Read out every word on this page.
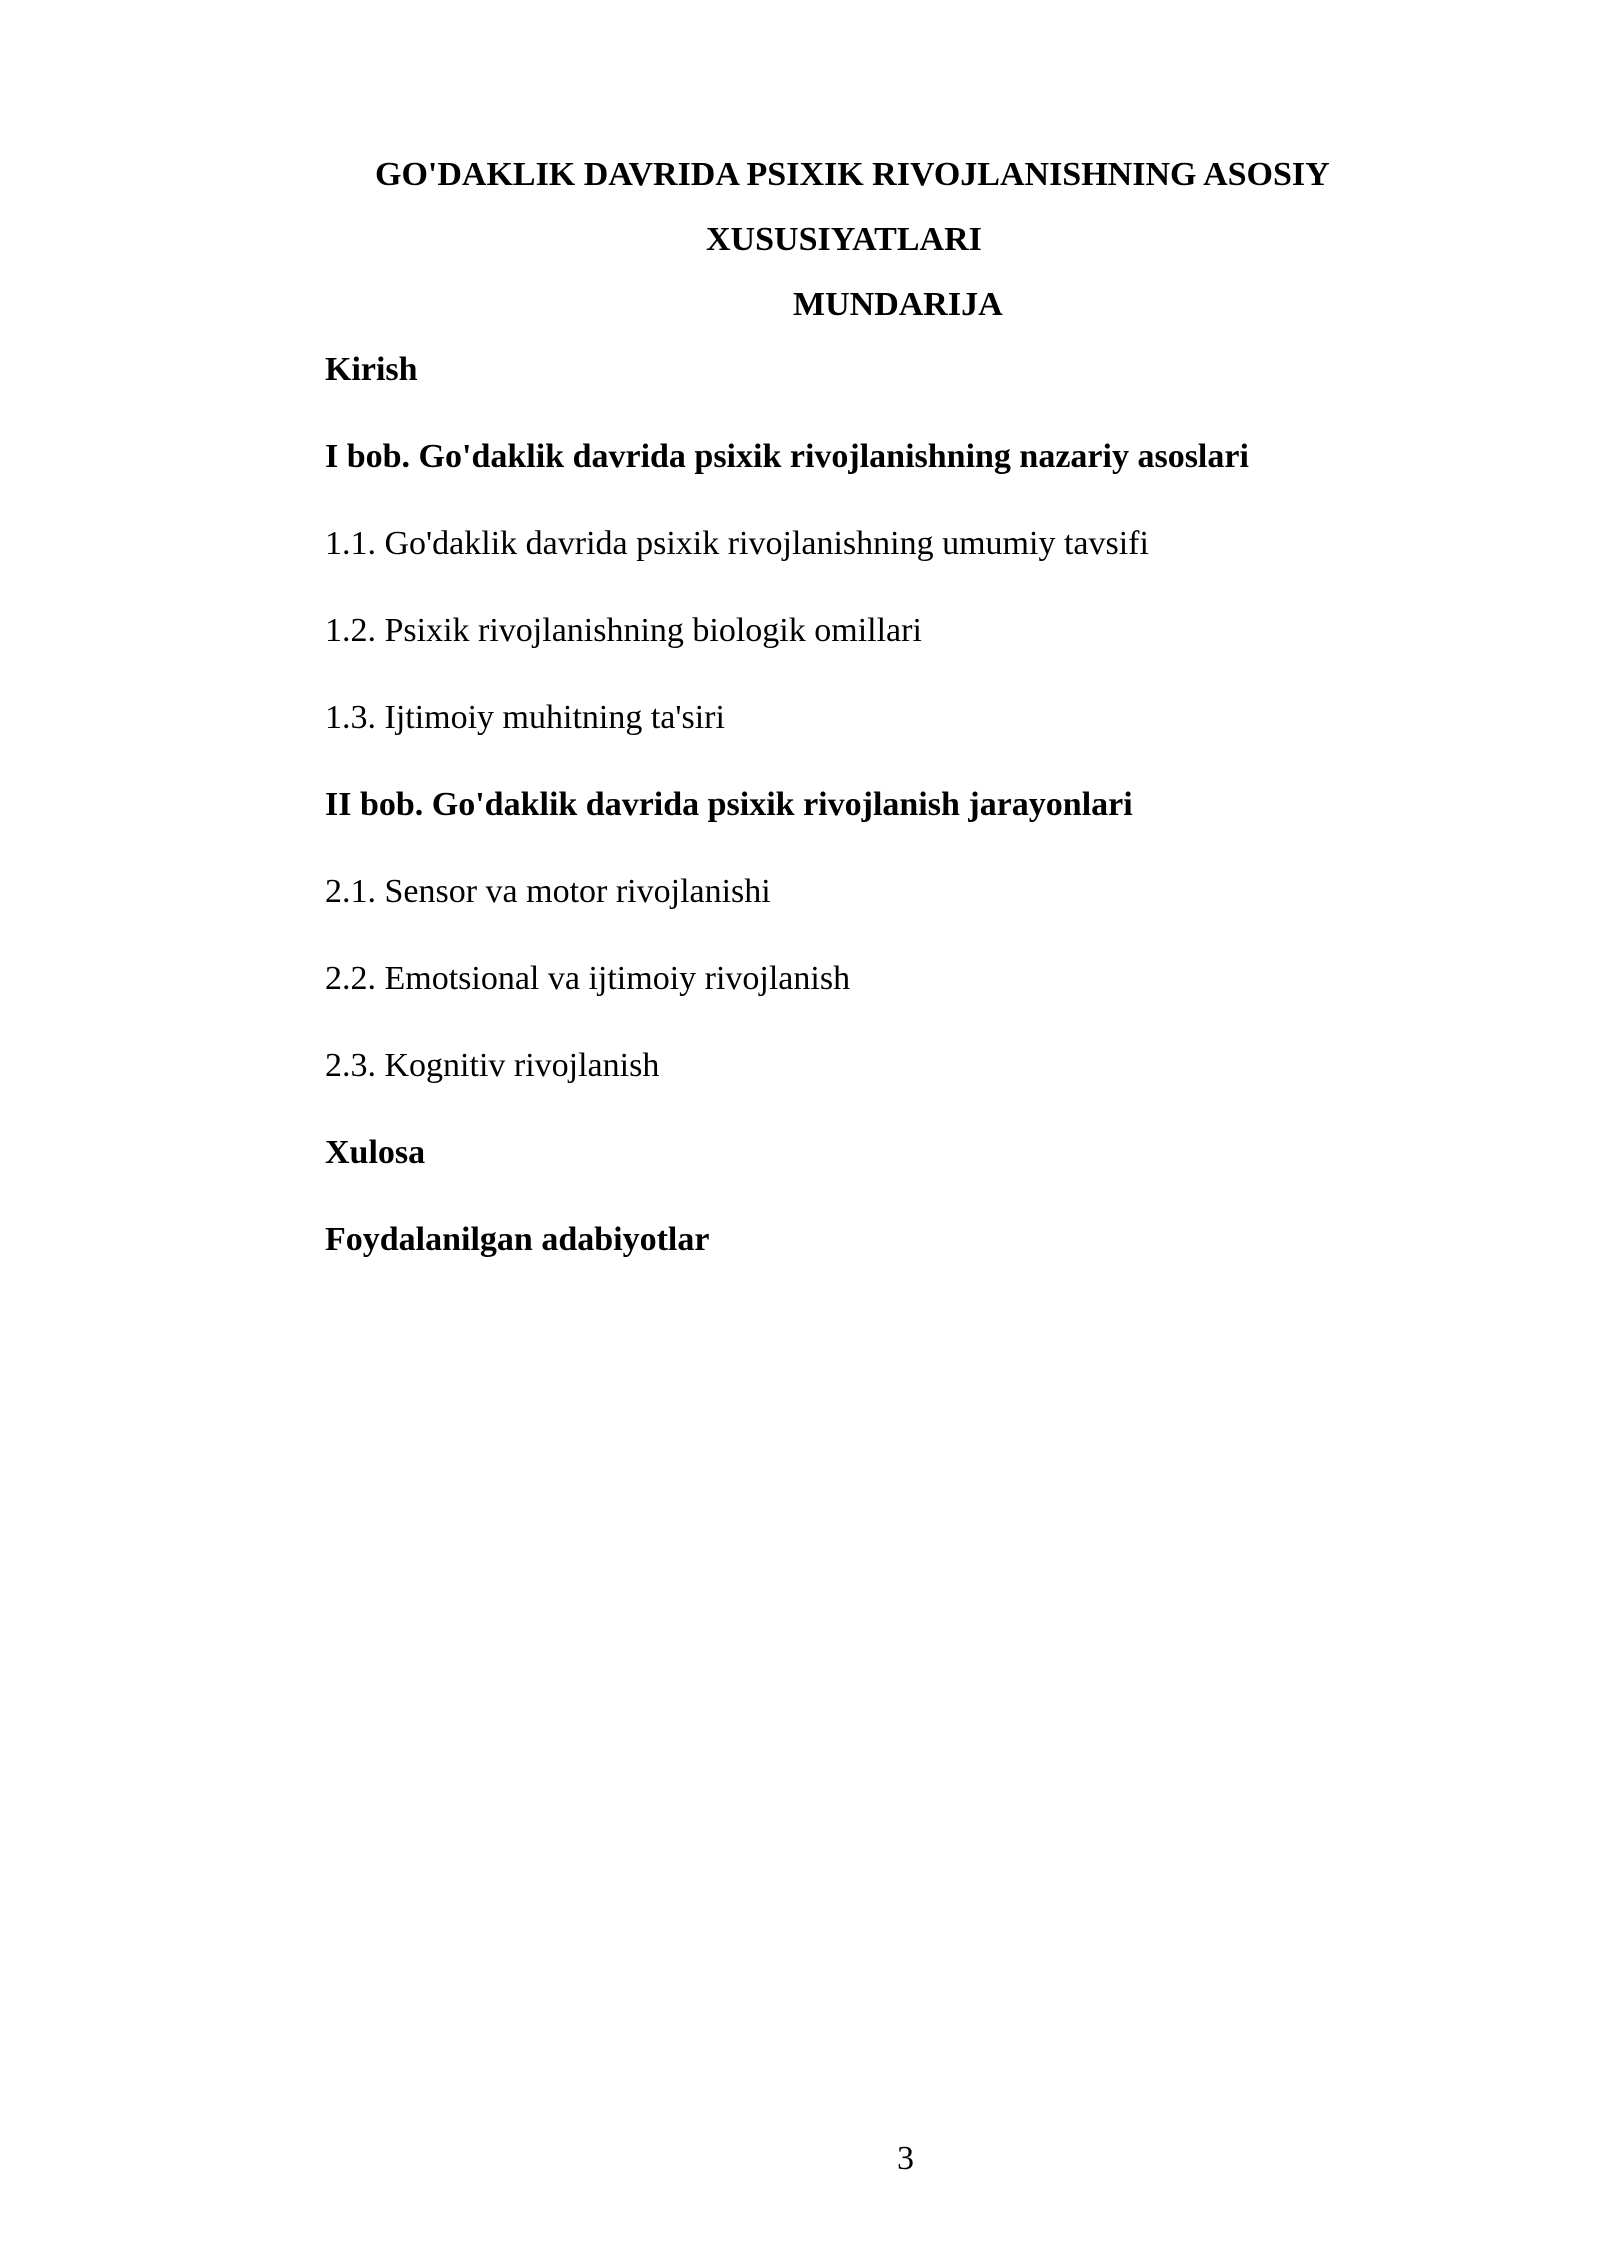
GO'DAKLIK DAVRIDA PSIXIK RIVOJLANISHNING ASOSIY
XUSUSIYATLARI
MUNDARIJA
Kirish
I bob. Go'daklik davrida psixik rivojlanishning nazariy asoslari
1.1. Go'daklik davrida psixik rivojlanishning umumiy tavsifi
1.2. Psixik rivojlanishning biologik omillari
1.3. Ijtimoiy muhitning ta'siri
II bob. Go'daklik davrida psixik rivojlanish jarayonlari
2.1. Sensor va motor rivojlanishi
2.2. Emotsional va ijtimoiy rivojlanish
2.3. Kognitiv rivojlanish
Xulosa
Foydalanilgan adabiyotlar
3
